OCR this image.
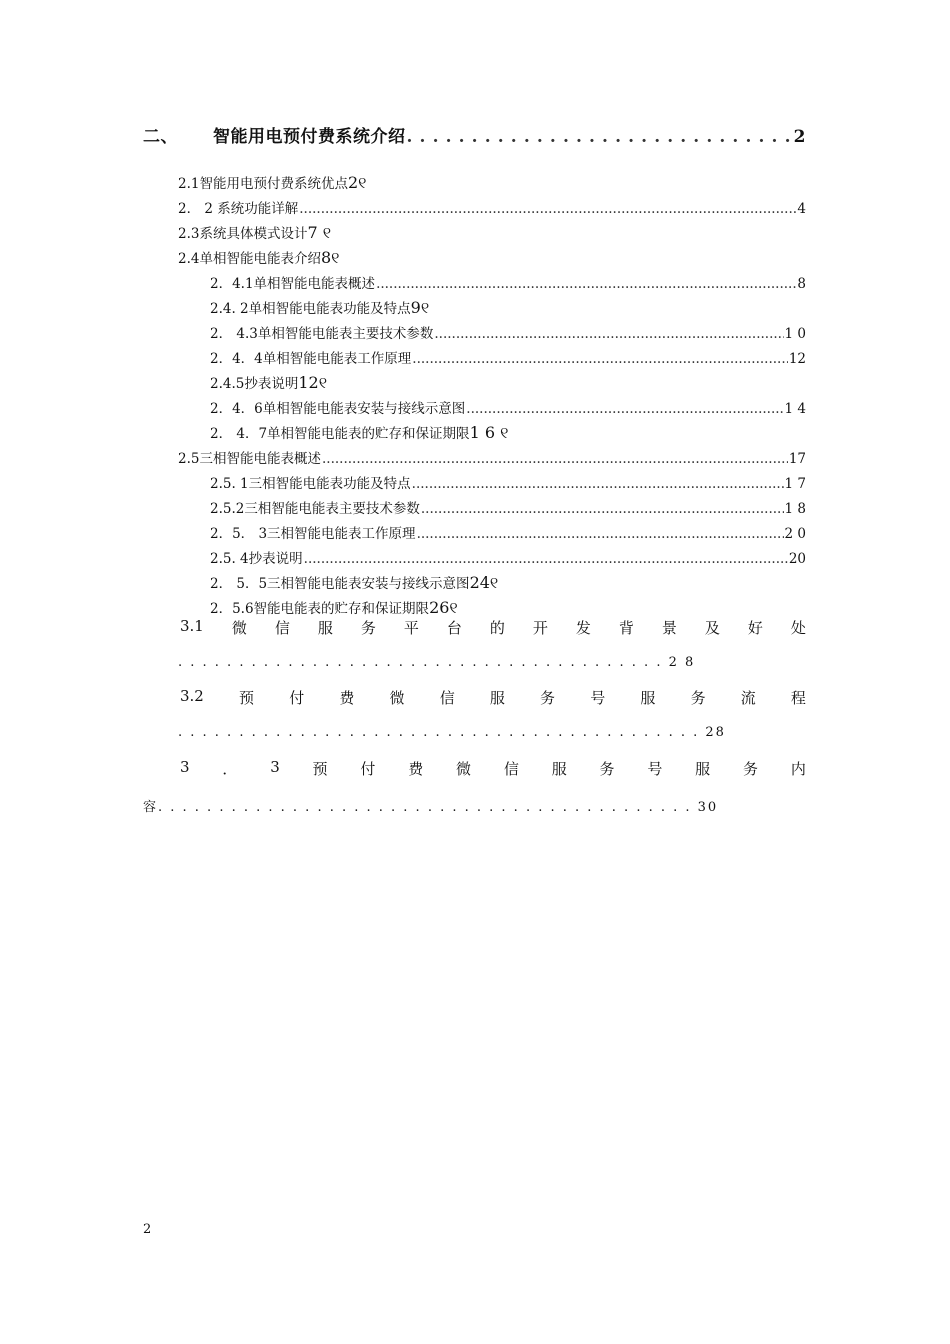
二、	智能用电预付费系统介绍 . . .	2
2.1智能用电预付费系统优点 2୧
2． 2 系统功能详解 .....	4
2.3系统具体模式设计 7 ୧
2.4单相智能电能表介绍 8୧
2．4.1单相智能电能表概述 .....	8
2.4. 2单相智能电能表功能及特点 9୧
2． 4.3单相智能电能表主要技术参数 .....	1 0
2．4．4单相智能电能表工作原理 .....	12
2.4.5抄表说明 12୧
2．4．6单相智能电能表安装与接线示意图 .....	1 4
2． 4．7单相智能电能表的贮存和保证期限 1 6 ୧
2.5三相智能电能表概述 .....	17
2.5. 1三相智能电能表功能及特点 .....	1 7
2.5.2三相智能电能表主要技术参数 .....	1 8
2．5． 3三相智能电能表工作原理 .....	2 0
2.5. 4抄表说明 .....	20
2． 5．5三相智能电能表安装与接线示意图 24୧
2．5.6智能电能表的贮存和保证期限 26୧
3.1 微 信 服 务 平 台 的 开 发 背 景 及 好 处
. . . . . . . . . . . . . . . . . . . . . . . . . . . . . . . . . . . . . . . . 2 8
3.2 预 付 费 微 信 服 务 号 服 务 流 程
. . . . . . . . . . . . . . . . . . . . . . . . . . . . . . . . . . . . . . . . . . . 28
3 ． 3 预 付 费 微 信 服 务 号 服 务 内
容. . . . . . . . . . . . . . . . . . . . . . . . . . . . . . . . . . . . . . . . . . . . 30
2
